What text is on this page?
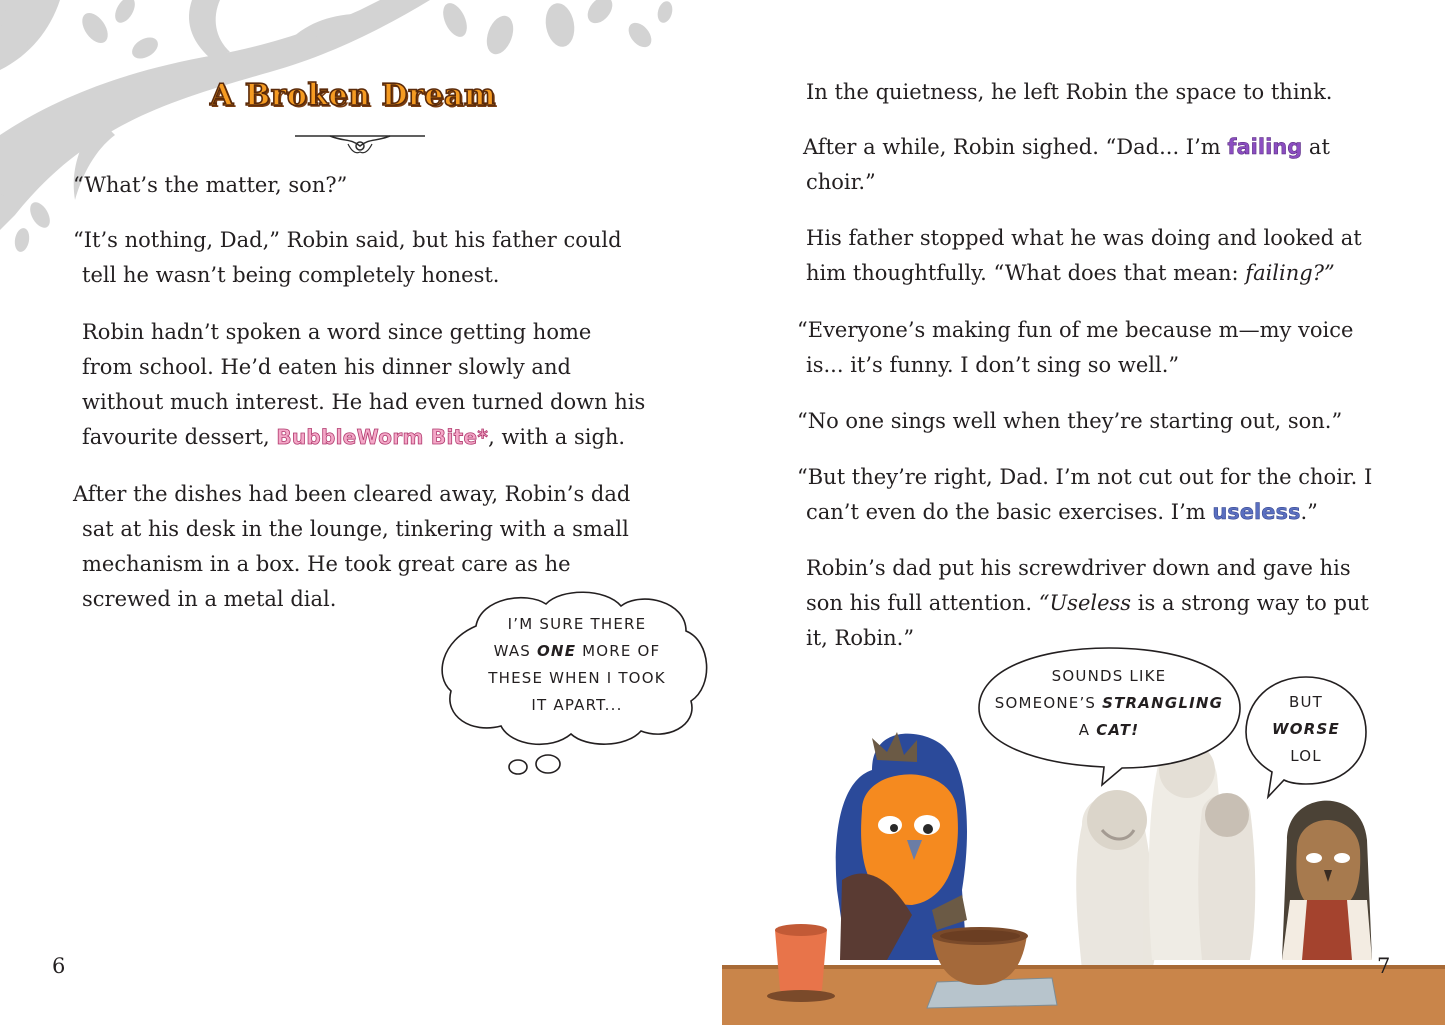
A Broken Dream

“What’s the matter, son?”

“It’s nothing, Dad,” Robin said, but his father could tell he wasn’t being completely honest.

Robin hadn’t spoken a word since getting home from school. He’d eaten his dinner slowly and without much interest. He had even turned down his favourite dessert, BubbleWorm Bite*, with a sigh.

After the dishes had been cleared away, Robin’s dad sat at his desk in the lounge, tinkering with a small mechanism in a box. He took great care as he screwed in a metal dial.

I’M SURE THERE
WAS ONE MORE OF
THESE WHEN I TOOK
IT APART...
6

In the quietness, he left Robin the space to think.

After a while, Robin sighed. “Dad... I’m failing at choir.”

His father stopped what he was doing and looked at him thoughtfully. “What does that mean: failing?”

“Everyone’s making fun of me because m—my voice is... it’s funny. I don’t sing so well.”

“No one sings well when they’re starting out, son.”

“But they’re right, Dad. I’m not cut out for the choir. I can’t even do the basic exercises. I’m useless.”

Robin’s dad put his screwdriver down and gave his son his full attention. “Useless is a strong way to put it, Robin.”

SOUNDS LIKE
SOMEONE’S STRANGLING
A CAT!
BUT
WORSE
LOL
7
